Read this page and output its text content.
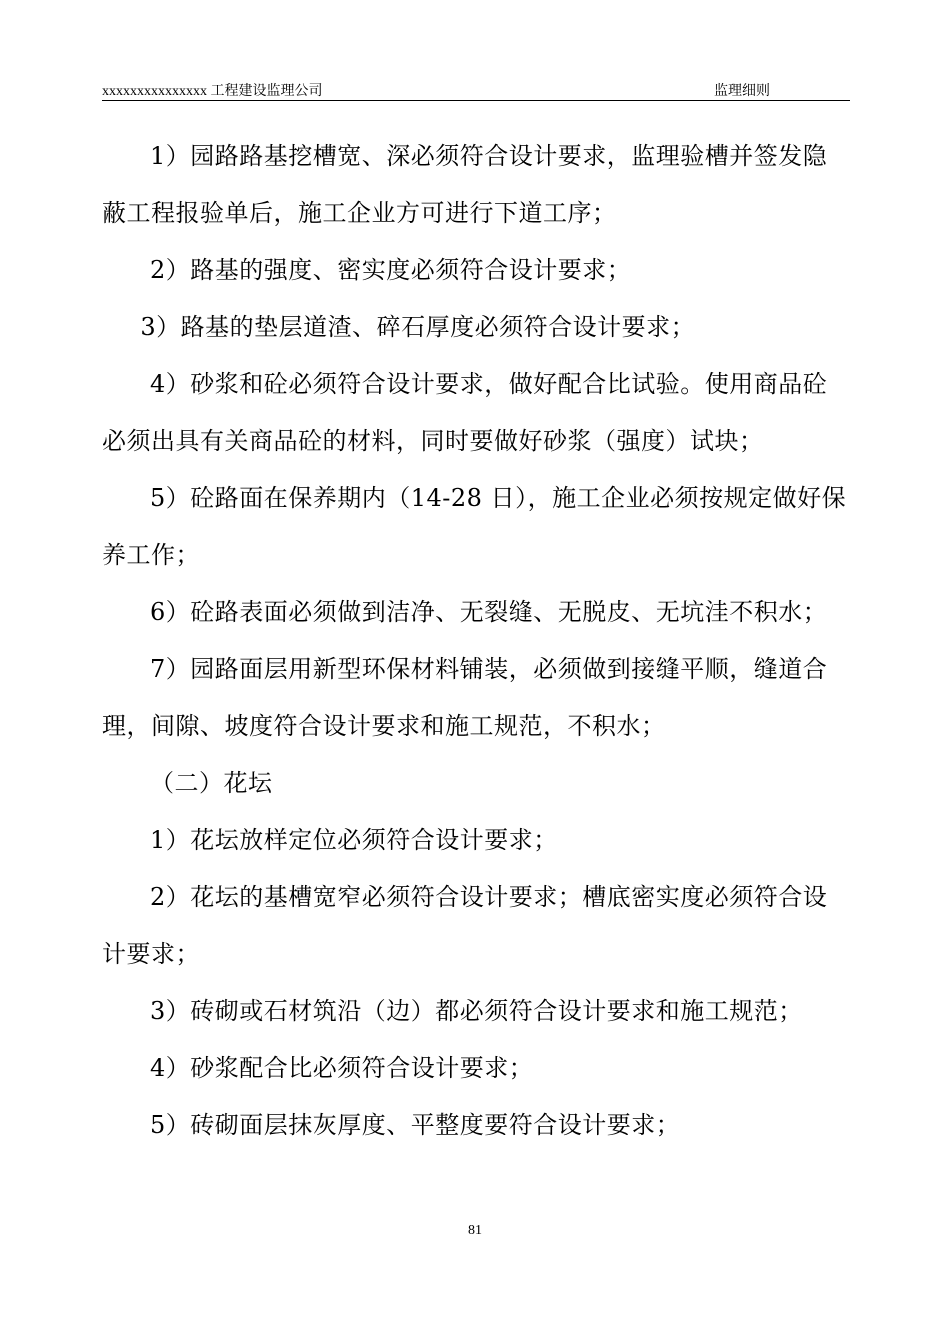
xxxxxxxxxxxxxxx 工程建设监理公司	监理细则

1）园路路基挖槽宽、深必须符合设计要求，监理验槽并签发隐蔽工程报验单后，施工企业方可进行下道工序；

2）路基的强度、密实度必须符合设计要求；

3）路基的垫层道渣、碎石厚度必须符合设计要求；

4）砂浆和砼必须符合设计要求，做好配合比试验。使用商品砼必须出具有关商品砼的材料，同时要做好砂浆（强度）试块；

5）砼路面在保养期内（14-28 日），施工企业必须按规定做好保养工作；

6）砼路表面必须做到洁净、无裂缝、无脱皮、无坑洼不积水；

7）园路面层用新型环保材料铺装，必须做到接缝平顺，缝道合理，间隙、坡度符合设计要求和施工规范，不积水；

（二）花坛

1）花坛放样定位必须符合设计要求；

2）花坛的基槽宽窄必须符合设计要求；槽底密实度必须符合设计要求；

3）砖砌或石材筑沿（边）都必须符合设计要求和施工规范；

4）砂浆配合比必须符合设计要求；

5）砖砌面层抹灰厚度、平整度要符合设计要求；

81
